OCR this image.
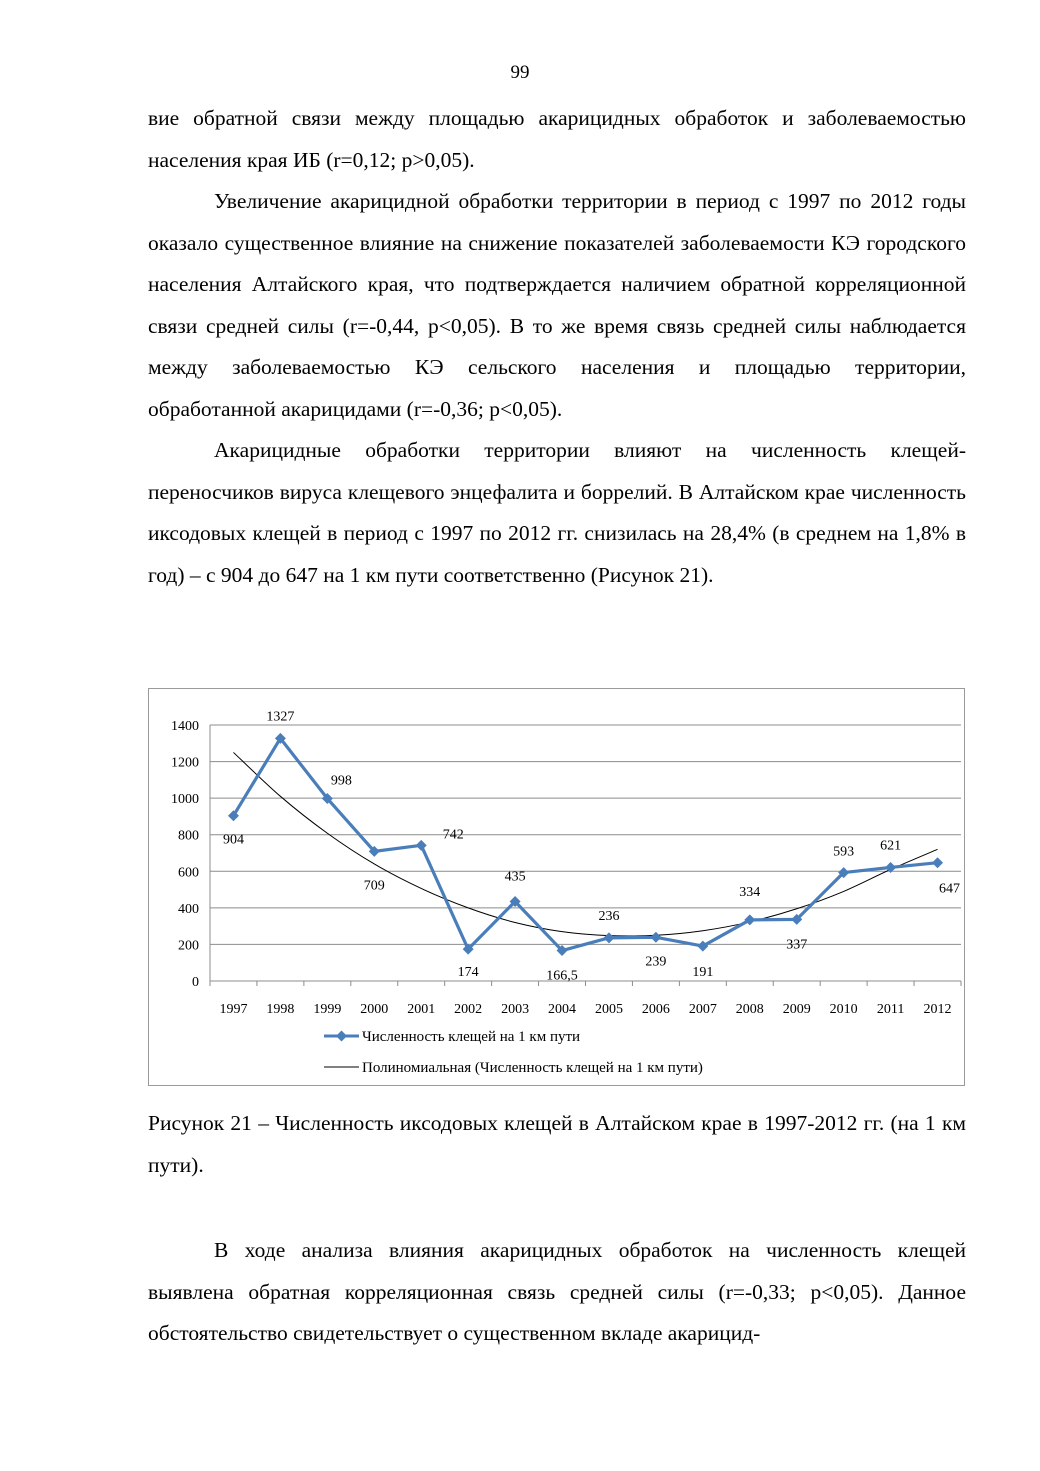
99

вие обратной связи между площадью акарицидных обработок и заболеваемостью населения края ИБ (r=0,12; p>0,05).

Увеличение акарицидной обработки территории в период с 1997 по 2012 годы оказало существенное влияние на снижение показателей заболеваемости КЭ городского населения Алтайского края, что подтверждается наличием обратной корреляционной связи средней силы (r=-0,44, p<0,05). В то же время связь средней силы наблюдается между заболеваемостью КЭ сельского населения и площадью территории, обработанной акарицидами (r=-0,36; p<0,05).

Акарицидные обработки территории влияют на численность клещей-переносчиков вируса клещевого энцефалита и боррелий. В Алтайском крае численность иксодовых клещей в период с 1997 по 2012 гг. снизилась на 28,4% (в среднем на 1,8% в год) – с 904 до 647 на 1 км пути соответственно (Рисунок 21).

0
200
400
600
800
1000
1200
1400
1997 1998 1999 2000 2001 2002 2003 2004 2005 2006 2007 2008 2009 2010 2011 2012
904
1327
998
709
742
174
435
166,5
236
239
191
334
337
593 621
647
Численность клещей на 1 км пути
Полиномиальная (Численность клещей на 1 км пути)
Рисунок 21 – Численность иксодовых клещей в Алтайском крае в 1997-2012 гг. (на 1 км пути).

В ходе анализа влияния акарицидных обработок на численность клещей выявлена обратная корреляционная связь средней силы (r=-0,33; p<0,05). Данное обстоятельство свидетельствует о существенном вкладе акарицид-
